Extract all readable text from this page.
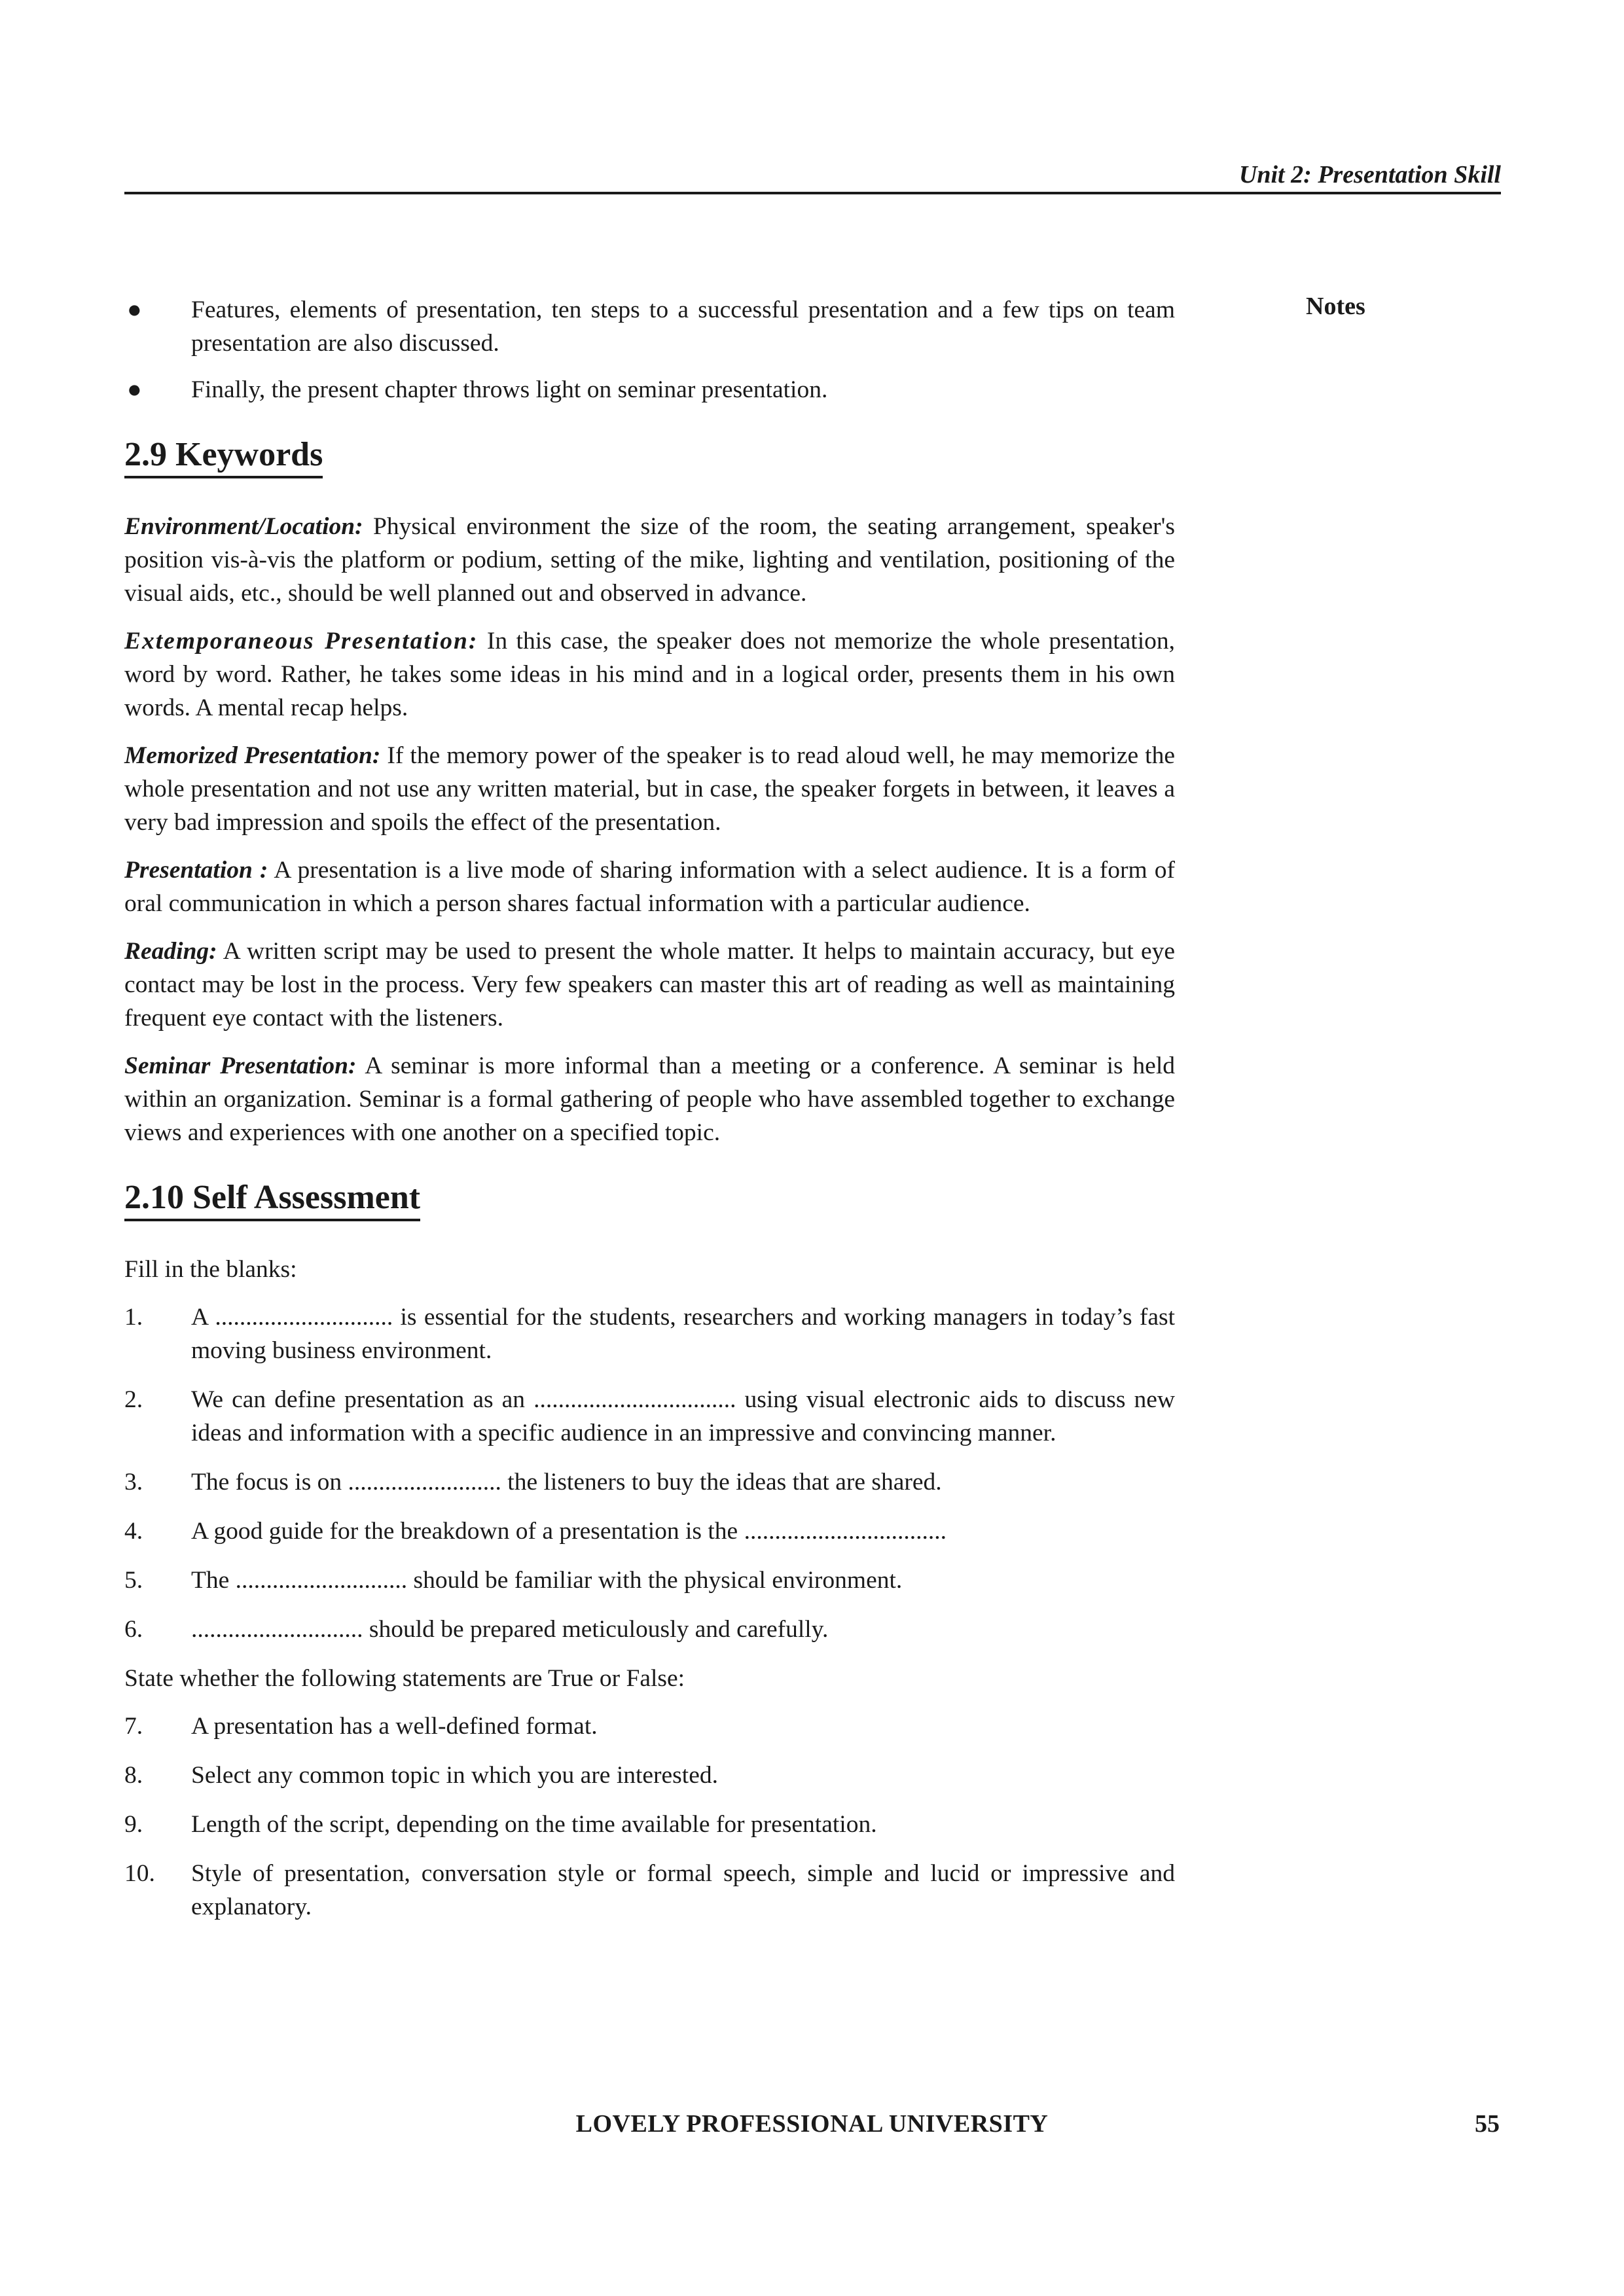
Unit 2: Presentation Skill
Notes
● Features, elements of presentation, ten steps to a successful presentation and a few tips on team presentation are also discussed.
● Finally, the present chapter throws light on seminar presentation.
2.9 Keywords

Environment/Location: Physical environment the size of the room, the seating arrangement, speaker's position vis-à-vis the platform or podium, setting of the mike, lighting and ventilation, positioning of the visual aids, etc., should be well planned out and observed in advance.

Extemporaneous Presentation: In this case, the speaker does not memorize the whole presentation, word by word. Rather, he takes some ideas in his mind and in a logical order, presents them in his own words. A mental recap helps.

Memorized Presentation: If the memory power of the speaker is to read aloud well, he may memorize the whole presentation and not use any written material, but in case, the speaker forgets in between, it leaves a very bad impression and spoils the effect of the presentation.

Presentation : A presentation is a live mode of sharing information with a select audience. It is a form of oral communication in which a person shares factual information with a particular audience.

Reading: A written script may be used to present the whole matter. It helps to maintain accuracy, but eye contact may be lost in the process. Very few speakers can master this art of reading as well as maintaining frequent eye contact with the listeners.

Seminar Presentation: A seminar is more informal than a meeting or a conference. A seminar is held within an organization. Seminar is a formal gathering of people who have assembled together to exchange views and experiences with one another on a specified topic.

2.10 Self Assessment

Fill in the blanks:

1. A ............................. is essential for the students, researchers and working managers in today’s fast moving business environment.
2. We can define presentation as an ................................. using visual electronic aids to discuss new ideas and information with a specific audience in an impressive and convincing manner.
3. The focus is on ......................... the listeners to buy the ideas that are shared.
4. A good guide for the breakdown of a presentation is the .................................
5. The ............................ should be familiar with the physical environment.
6. ............................ should be prepared meticulously and carefully.

State whether the following statements are True or False:

7. A presentation has a well-defined format.
8. Select any common topic in which you are interested.
9. Length of the script, depending on the time available for presentation.
10. Style of presentation, conversation style or formal speech, simple and lucid or impressive and explanatory.
LOVELY PROFESSIONAL UNIVERSITY	55
